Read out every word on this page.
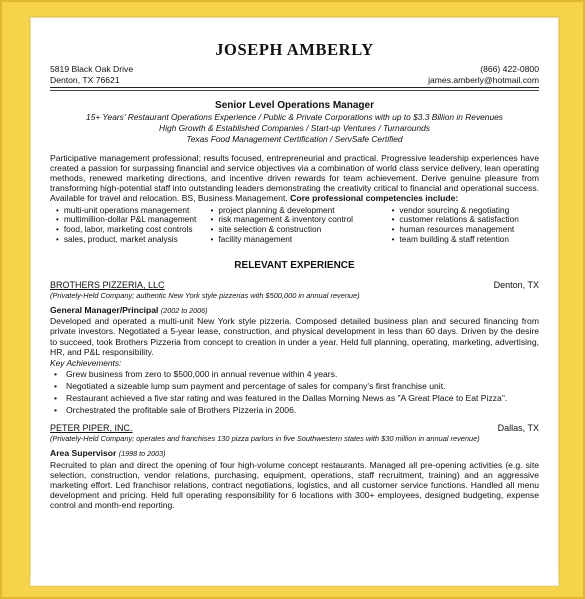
JOSEPH AMBERLY
5819 Black Oak Drive
Denton, TX 76621
(866) 422-0800
james.amberly@hotmail.com
Senior Level Operations Manager
15+ Years' Restaurant Operations Experience / Public & Private Corporations with up to $3.3 Billion in Revenues
High Growth & Established Companies / Start-up Ventures / Turnarounds
Texas Food Management Certification / ServSafe Certified

Participative management professional; results focused, entrepreneurial and practical. Progressive leadership experiences have created a passion for surpassing financial and service objectives via a combination of world class service delivery, lean operating methods, renewed marketing directions, and incentive driven rewards for team achievement. Derive genuine pleasure from transforming high-potential staff into outstanding leaders demonstrating the creativity critical to financial and operational success. Available for travel and relocation. BS, Business Management. Core professional competencies include:

• multi-unit operations management
• multimillion-dollar P&L management
• food, labor, marketing cost controls
• sales, product, market analysis
• project planning & development
• risk management & inventory control
• site selection & construction
• facility management
• vendor sourcing & negotiating
• customer relations & satisfaction
• human resources management
• team building & staff retention
RELEVANT EXPERIENCE
BROTHERS PIZZERIA, LLC	Denton, TX
(Privately-Held Company; authentic New York style pizzerias with $500,000 in annual revenue)
General Manager/Principal (2002 to 2006)

Developed and operated a multi-unit New York style pizzeria. Composed detailed business plan and secured financing from private investors. Negotiated a 5-year lease, construction, and physical development in less than 60 days. Driven by the desire to succeed, took Brothers Pizzeria from concept to creation in under a year. Held full planning, operating, marketing, advertising, HR, and P&L responsibility.

Key Achievements:
• Grew business from zero to $500,000 in annual revenue within 4 years.
• Negotiated a sizeable lump sum payment and percentage of sales for company's first franchise unit.
• Restaurant achieved a five star rating and was featured in the Dallas Morning News as "A Great Place to Eat Pizza".
• Orchestrated the profitable sale of Brothers Pizzeria in 2006.
PETER PIPER, INC.	Dallas, TX
(Privately-Held Company; operates and franchises 130 pizza parlors in five Southwestern states with $30 million in annual revenue)
Area Supervisor (1998 to 2003)

Recruited to plan and direct the opening of four high-volume concept restaurants. Managed all pre-opening activities (e.g. site selection, construction, vendor relations, purchasing, equipment, operations, staff recruitment, training) and an aggressive marketing effort. Led franchisor relations, contract negotiations, logistics, and all customer service functions. Handled all menu development and pricing. Held full operating responsibility for 6 locations with 300+ employees, designed budgeting, expense control and month-end reporting.
